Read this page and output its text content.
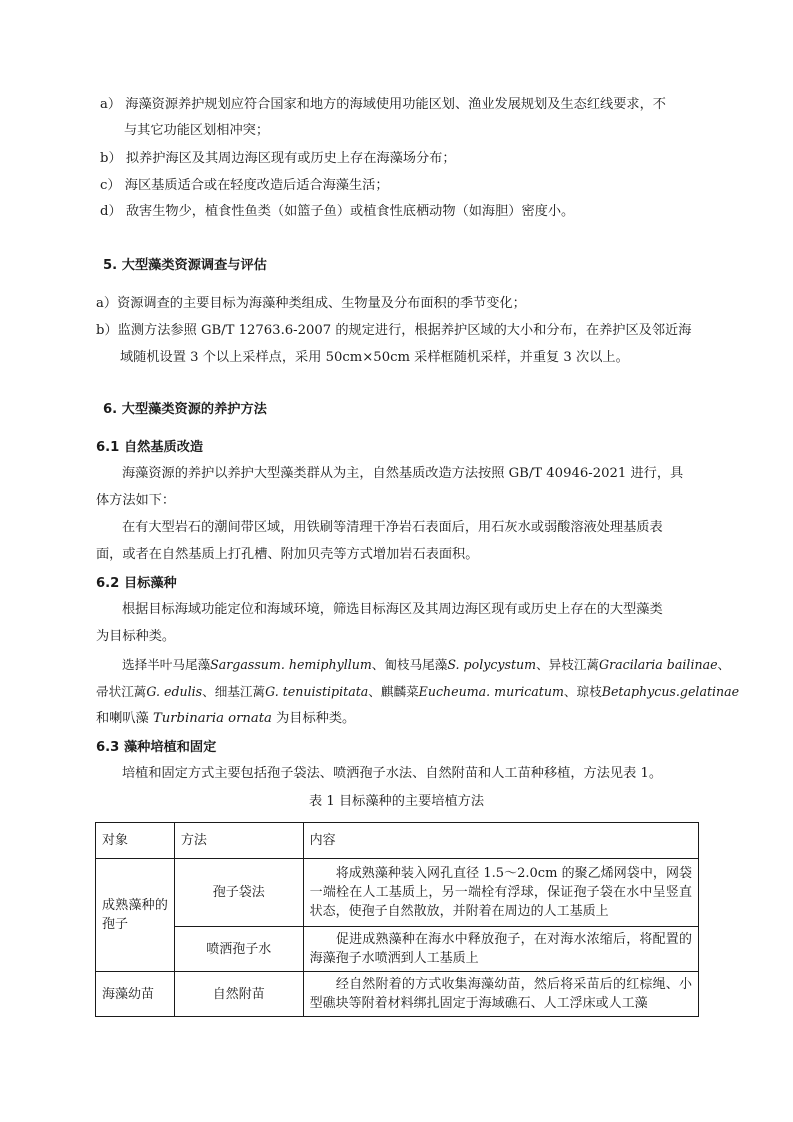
a） 海藻资源养护规划应符合国家和地方的海域使用功能区划、渔业发展规划及生态红线要求，不
与其它功能区划相冲突；
b） 拟养护海区及其周边海区现有或历史上存在海藻场分布；
c） 海区基质适合或在轻度改造后适合海藻生活；
d） 敌害生物少，植食性鱼类（如篮子鱼）或植食性底栖动物（如海胆）密度小。
5. 大型藻类资源调查与评估
a）资源调查的主要目标为海藻种类组成、生物量及分布面积的季节变化；
b）监测方法参照 GB/T 12763.6-2007 的规定进行，根据养护区域的大小和分布，在养护区及邻近海
域随机设置 3 个以上采样点，采用 50cm×50cm 采样框随机采样，并重复 3 次以上。
6. 大型藻类资源的养护方法
6.1 自然基质改造
海藻资源的养护以养护大型藻类群从为主，自然基质改造方法按照 GB/T 40946-2021 进行，具
体方法如下：
在有大型岩石的潮间带区域，用铁刷等清理干净岩石表面后，用石灰水或弱酸溶液处理基质表
面，或者在自然基质上打孔槽、附加贝壳等方式增加岩石表面积。
6.2 目标藻种
根据目标海域功能定位和海域环境，筛选目标海区及其周边海区现有或历史上存在的大型藻类
为目标种类。
选择半叶马尾藻Sargassum. hemiphyllum、匍枝马尾藻S. polycystum、异枝江蓠Gracilaria bailinae、
帚状江蓠G. edulis、细基江蓠G. tenuistipitata、麒麟菜Eucheuma. muricatum、琼枝Betaphycus.gelatinae
和喇叭藻 Turbinaria ornata 为目标种类。
6.3 藻种培植和固定
培植和固定方式主要包括孢子袋法、喷洒孢子水法、自然附苗和人工苗种移植，方法见表 1。
表 1 目标藻种的主要培植方法
对象	方法	内容
成熟藻种的孢子	孢子袋法	将成熟藻种装入网孔直径 1.5～2.0cm 的聚乙烯网袋中，网袋一端栓在人工基质上，另一端栓有浮球，保证孢子袋在水中呈竖直状态，使孢子自然散放，并附着在周边的人工基质上
	喷洒孢子水	促进成熟藻种在海水中释放孢子，在对海水浓缩后，将配置的海藻孢子水喷洒到人工基质上
海藻幼苗	自然附苗	经自然附着的方式收集海藻幼苗，然后将采苗后的红棕绳、小型礁块等附着材料绑扎固定于海域礁石、人工浮床或人工藻
